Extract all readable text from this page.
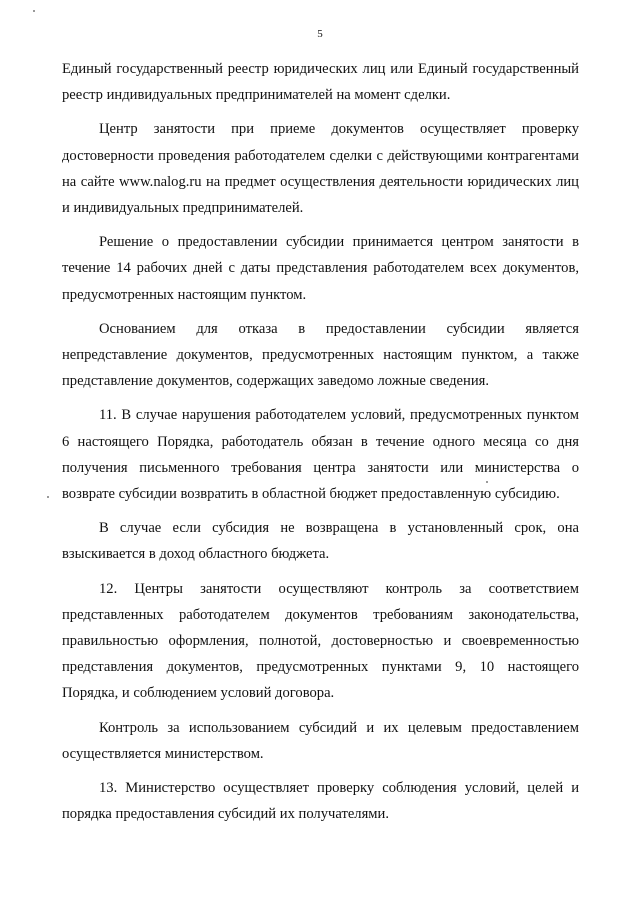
5

Единый государственный реестр юридических лиц или Единый государственный реестр индивидуальных предпринимателей на момент сделки.

Центр занятости при приеме документов осуществляет проверку достоверности проведения работодателем сделки с действующими контрагентами на сайте www.nalog.ru на предмет осуществления деятельности юридических лиц и индивидуальных предпринимателей.

Решение о предоставлении субсидии принимается центром занятости в течение 14 рабочих дней с даты представления работодателем всех документов, предусмотренных настоящим пунктом.

Основанием для отказа в предоставлении субсидии является непредставление документов, предусмотренных настоящим пунктом, а также представление документов, содержащих заведомо ложные сведения.

11. В случае нарушения работодателем условий, предусмотренных пунктом 6 настоящего Порядка, работодатель обязан в течение одного месяца со дня получения письменного требования центра занятости или министерства о возврате субсидии возвратить в областной бюджет предоставленную субсидию.

В случае если субсидия не возвращена в установленный срок, она взыскивается в доход областного бюджета.

12. Центры занятости осуществляют контроль за соответствием представленных работодателем документов требованиям законодательства, правильностью оформления, полнотой, достоверностью и своевременностью представления документов, предусмотренных пунктами 9, 10 настоящего Порядка, и соблюдением условий договора.

Контроль за использованием субсидий и их целевым предоставлением осуществляется министерством.

13. Министерство осуществляет проверку соблюдения условий, целей и порядка предоставления субсидий их получателями.
